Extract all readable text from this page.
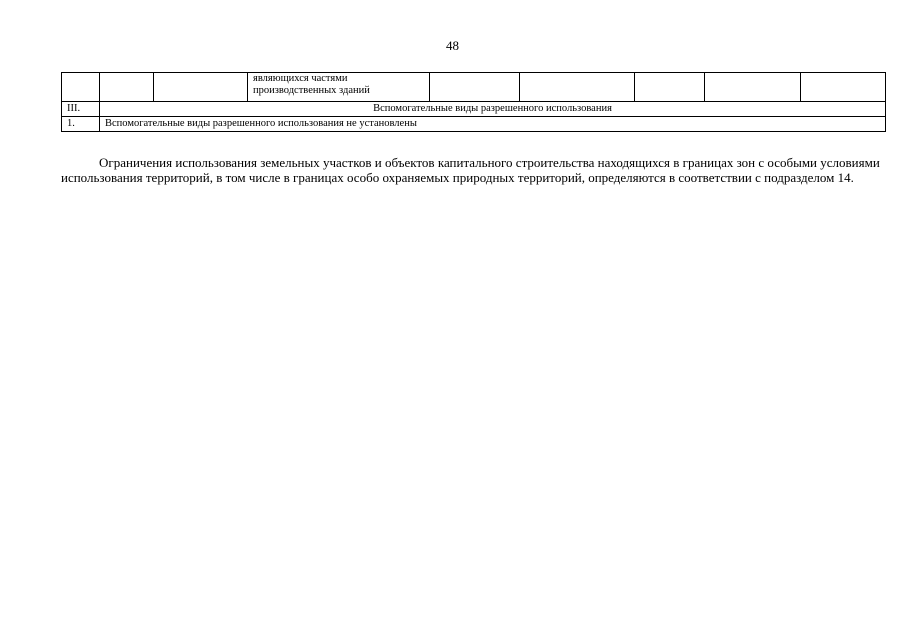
48

			являющихся частями
производственных зданий					

III.	Вспомогательные виды разрешенного использования							
1.	Вспомогательные виды разрешенного использования не установлены							

Ограничения использования земельных участков и объектов капитального строительства находящихся в границах зон с особыми условиями использования территорий, в том числе в границах особо охраняемых природных территорий, определяются в соответствии с подразделом 14.
